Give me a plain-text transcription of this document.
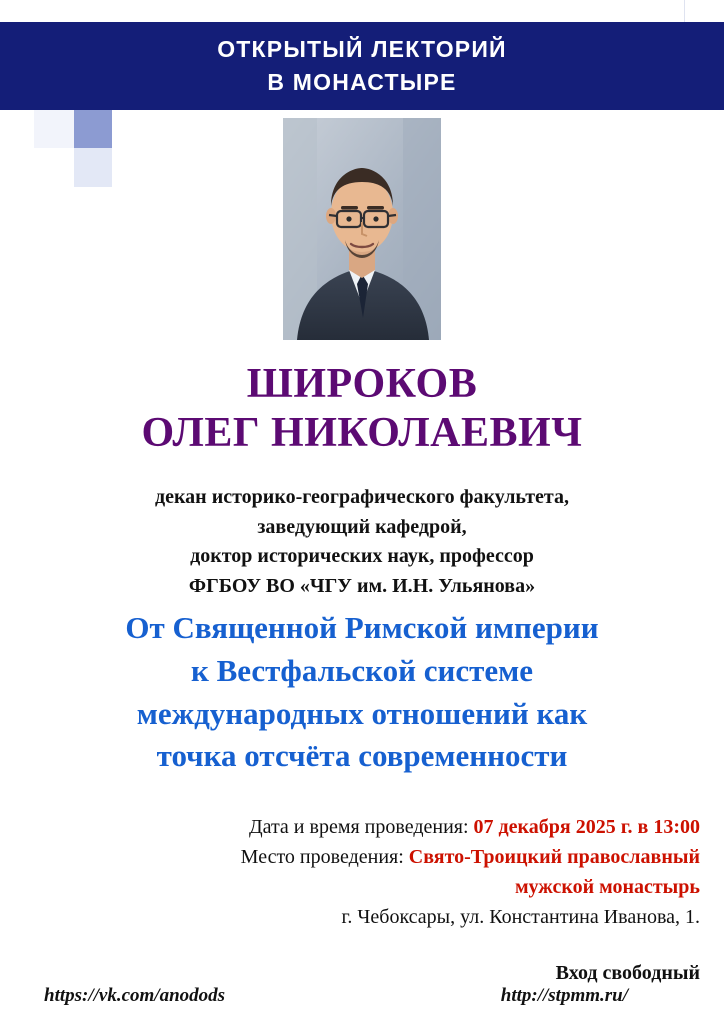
ОТКРЫТЫЙ ЛЕКТОРИЙ
В МОНАСТЫРЕ
ШИРОКОВ
ОЛЕГ НИКОЛАЕВИЧ
декан историко-географического факультета,
заведующий кафедрой,
доктор исторических наук, профессор
ФГБОУ ВО «ЧГУ им. И.Н. Ульянова»
От Священной Римской империи
к Вестфальской системе
международных отношений как
точка отсчёта современности
Дата и время проведения: 07 декабря 2025 г. в 13:00
Место проведения: Свято-Троицкий православный
мужской монастырь
г. Чебоксары, ул. Константина Иванова, 1.
Вход свободный
https://vk.com/anodods	http://stpmm.ru/
